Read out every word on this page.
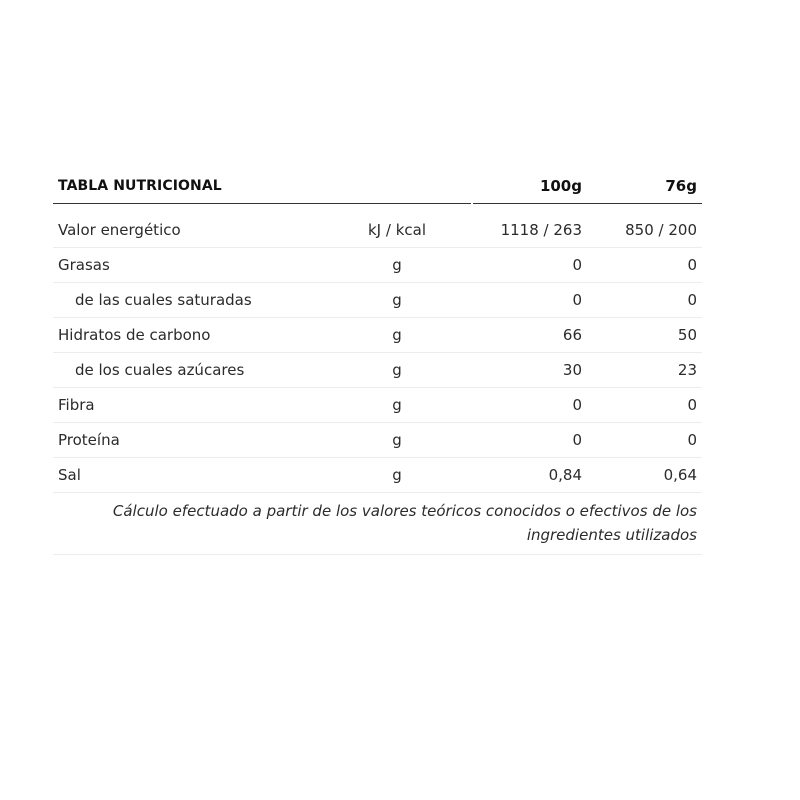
TABLA NUTRICIONAL			100g	76g

Valor energético	kJ / kcal		1118 / 263	850 / 200
Grasas	g		0	0
de las cuales saturadas	g		0	0
Hidratos de carbono	g		66	50
de los cuales azúcares	g		30	23
Fibra	g		0	0
Proteína	g		0	0
Sal	g		0,84	0,64
Cálculo efectuado a partir de los valores teóricos conocidos o efectivos de los ingredientes utilizados				
